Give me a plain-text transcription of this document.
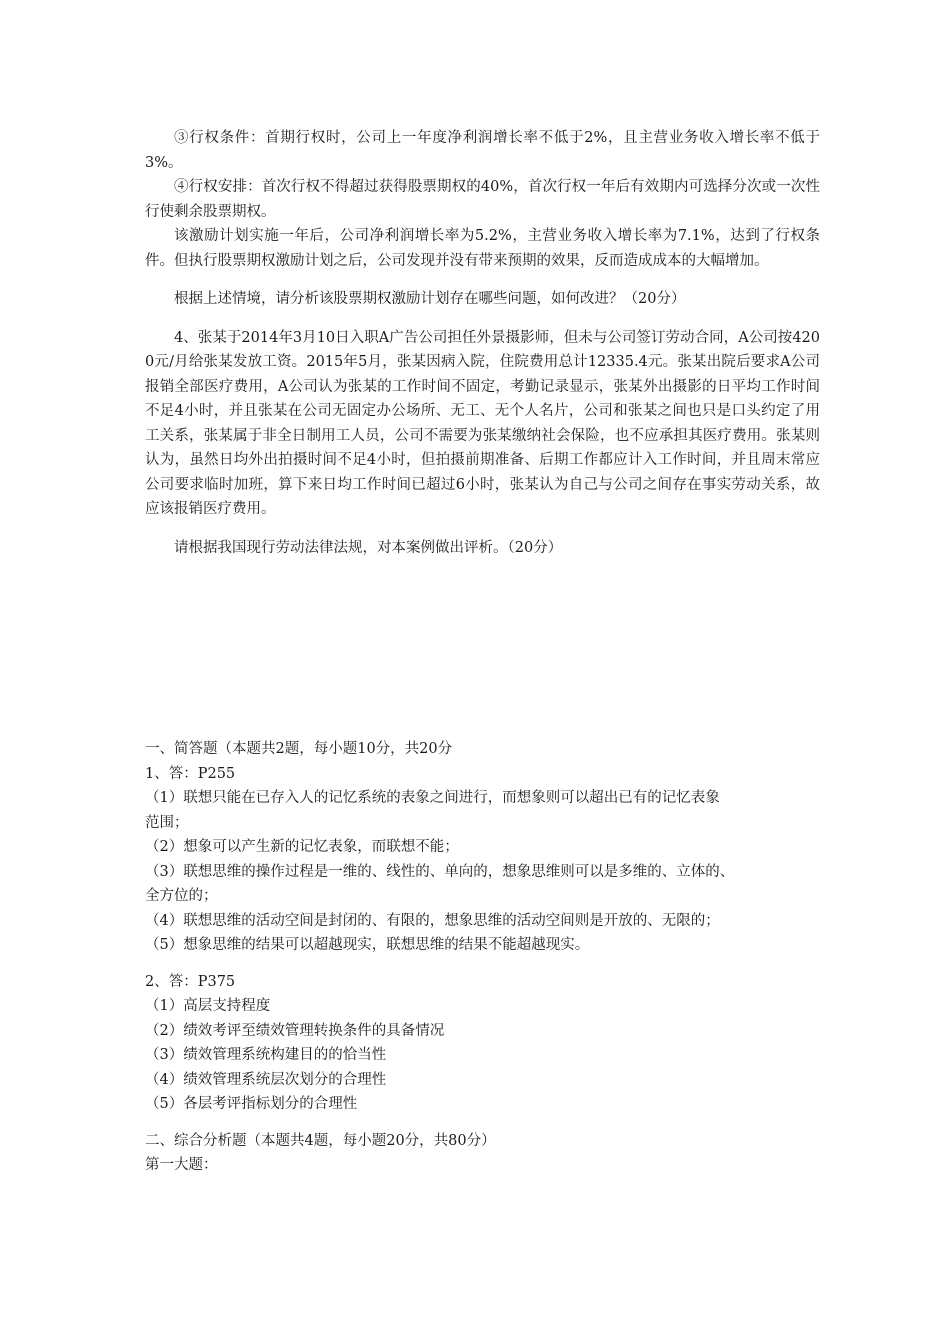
③行权条件：首期行权时，公司上一年度净利润增长率不低于2%，且主营业务收入增长率不低于3%。

④行权安排：首次行权不得超过获得股票期权的40%，首次行权一年后有效期内可选择分次或一次性行使剩余股票期权。

该激励计划实施一年后，公司净利润增长率为5.2%，主营业务收入增长率为7.1%，达到了行权条件。但执行股票期权激励计划之后，公司发现并没有带来预期的效果，反而造成成本的大幅增加。

根据上述情境，请分析该股票期权激励计划存在哪些问题，如何改进？（20分）

4、张某于2014年3月10日入职A广告公司担任外景摄影师，但未与公司签订劳动合同，A公司按4200元/月给张某发放工资。2015年5月，张某因病入院，住院费用总计12335.4元。张某出院后要求A公司报销全部医疗费用，A公司认为张某的工作时间不固定，考勤记录显示，张某外出摄影的日平均工作时间不足4小时，并且张某在公司无固定办公场所、无工、无个人名片，公司和张某之间也只是口头约定了用工关系，张某属于非全日制用工人员，公司不需要为张某缴纳社会保险，也不应承担其医疗费用。张某则认为，虽然日均外出拍摄时间不足4小时，但拍摄前期准备、后期工作都应计入工作时间，并且周末常应公司要求临时加班，算下来日均工作时间已超过6小时，张某认为自己与公司之间存在事实劳动关系，故应该报销医疗费用。

请根据我国现行劳动法律法规，对本案例做出评析。（20分）

一、简答题（本题共2题，每小题10分，共20分

1、答：P255

（1）联想只能在已存入人的记忆系统的表象之间进行，而想象则可以超出已有的记忆表象

范围；

（2）想象可以产生新的记忆表象，而联想不能；

（3）联想思维的操作过程是一维的、线性的、单向的，想象思维则可以是多维的、立体的、

全方位的；

（4）联想思维的活动空间是封闭的、有限的，想象思维的活动空间则是开放的、无限的；

（5）想象思维的结果可以超越现实，联想思维的结果不能超越现实。

2、答：P375

（1）高层支持程度

（2）绩效考评至绩效管理转换条件的具备情况

（3）绩效管理系统构建目的的恰当性

（4）绩效管理系统层次划分的合理性

（5）各层考评指标划分的合理性

二、综合分析题（本题共4题，每小题20分，共80分）

第一大题：
